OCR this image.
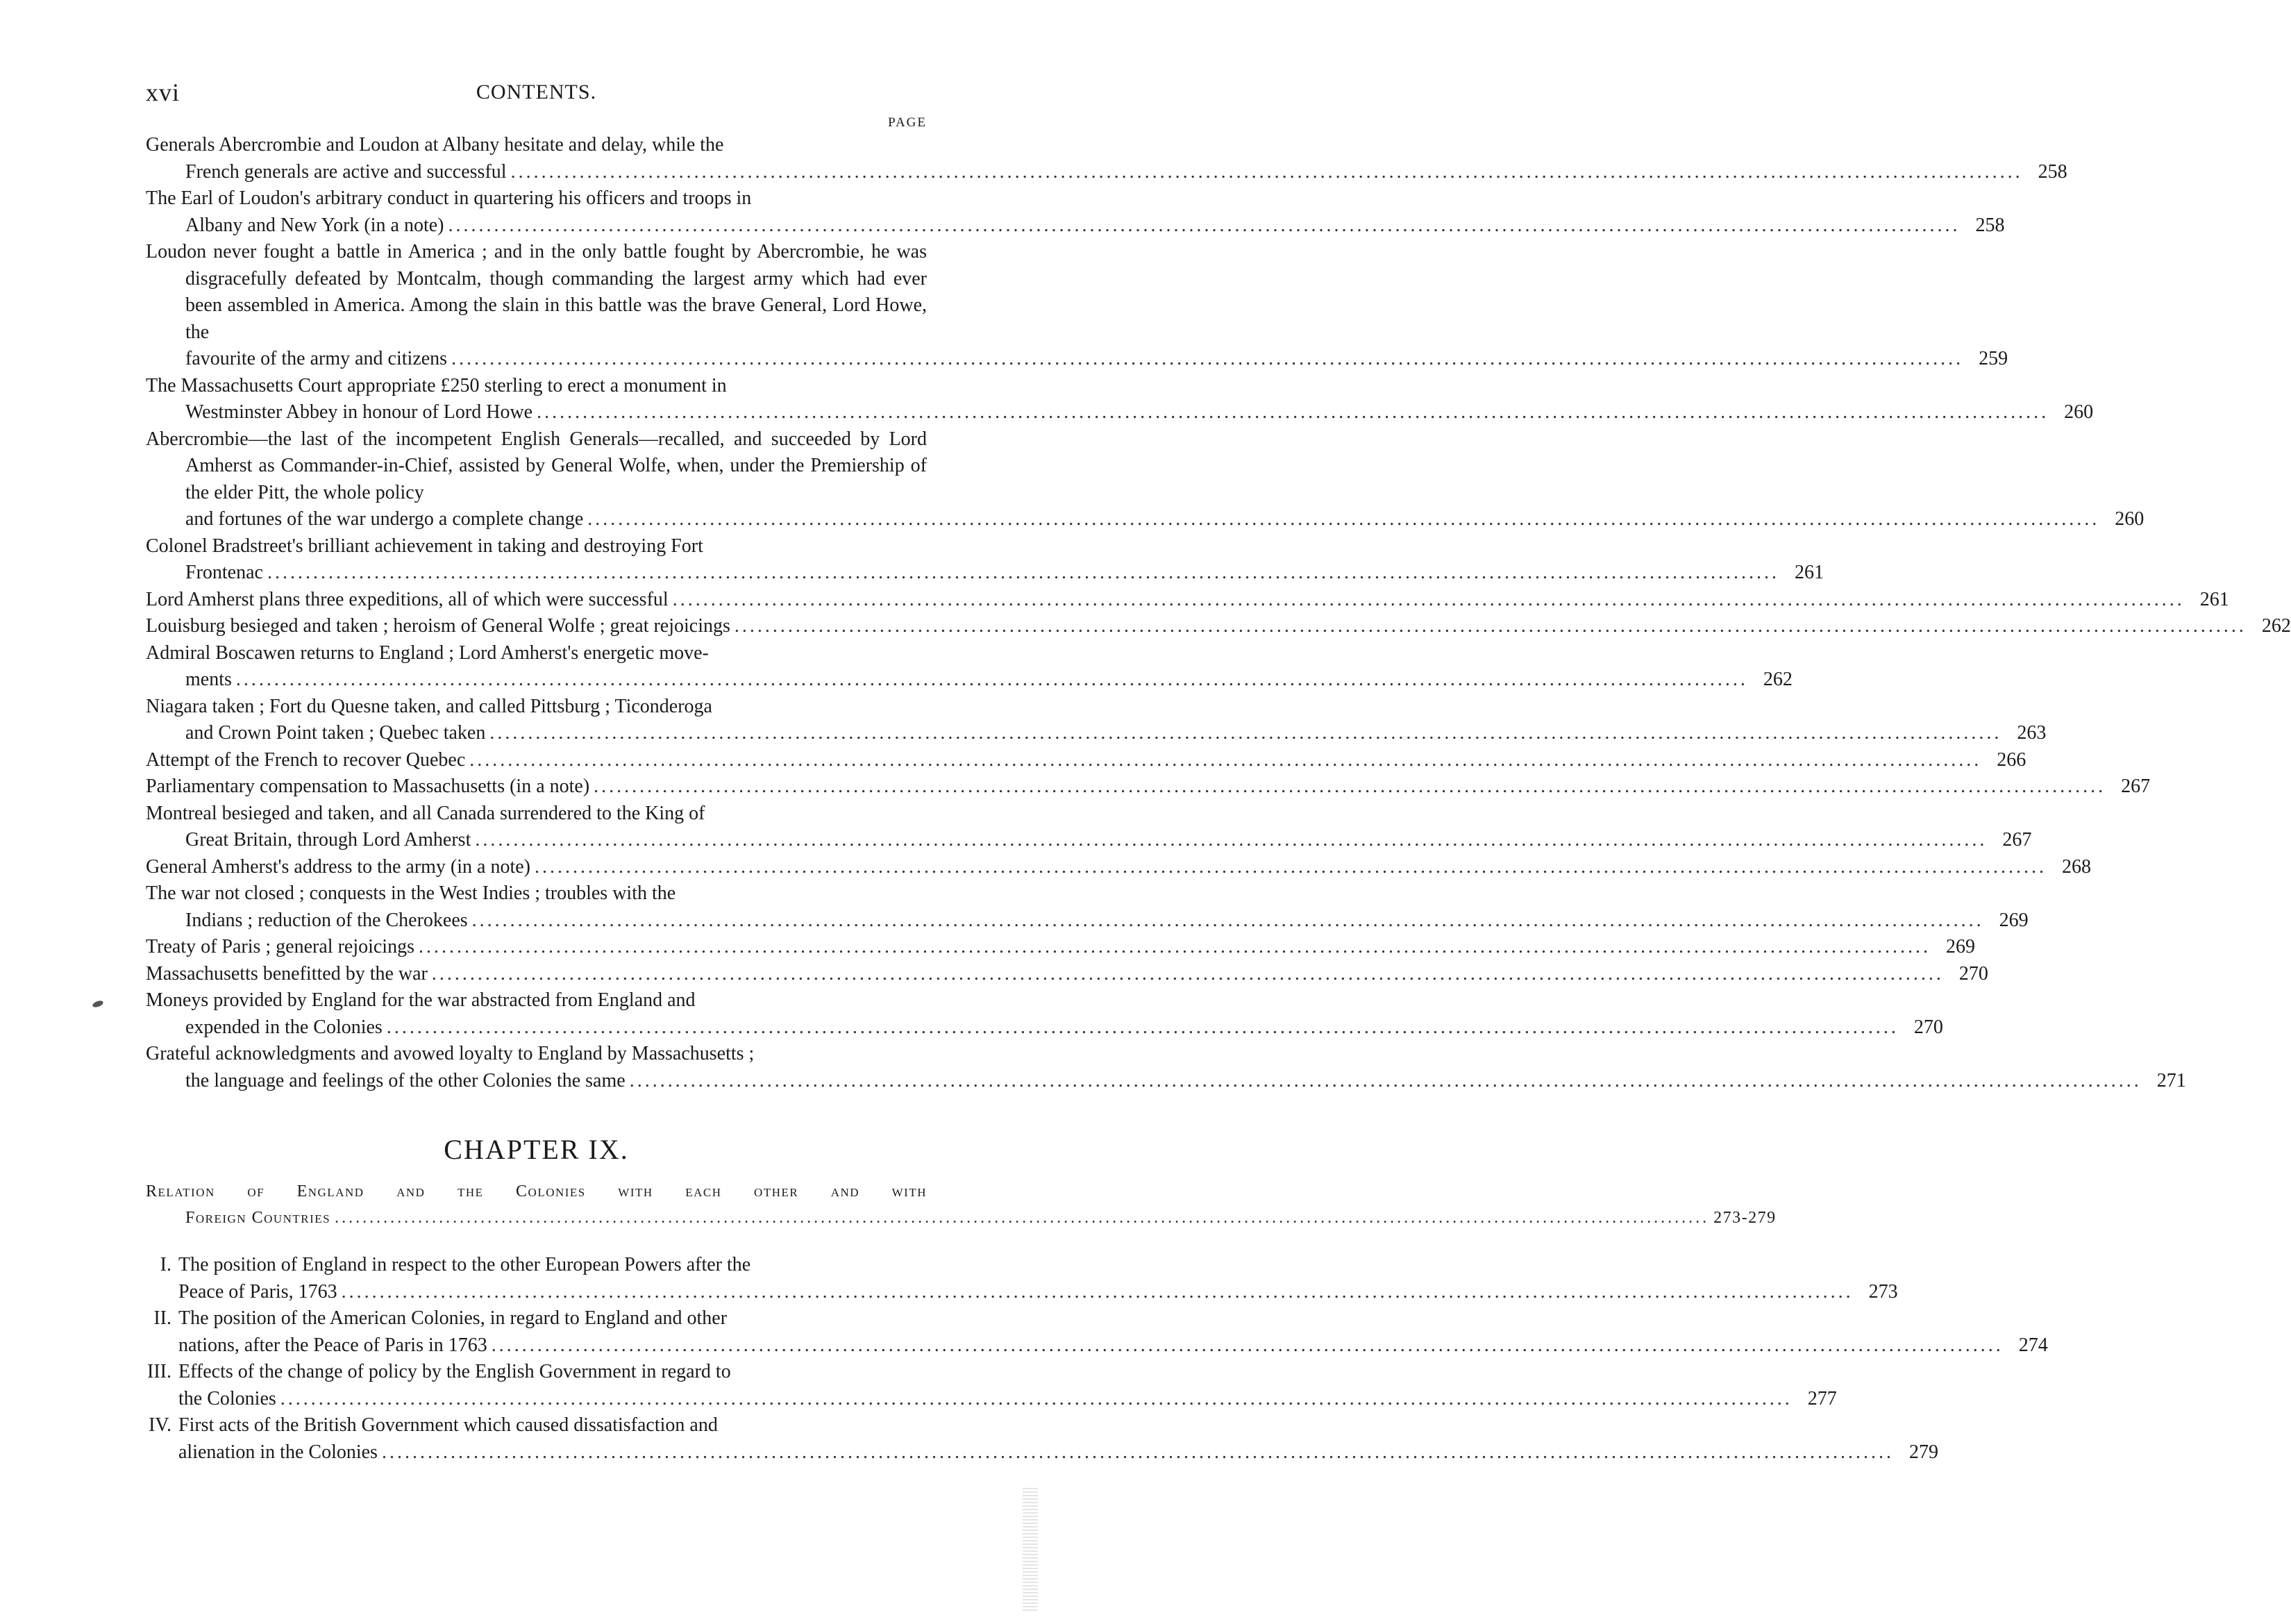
xvi	CONTENTS.
PAGE
Generals Abercrombie and Loudon at Albany hesitate and delay, while the
French generals are active and successful .....	258
The Earl of Loudon's arbitrary conduct in quartering his officers and troops in
Albany and New York (in a note) .....	258
Loudon never fought a battle in America ; and in the only battle fought by Abercrombie, he was disgracefully defeated by Montcalm, though commanding the largest army which had ever been assembled in America. Among the slain in this battle was the brave General, Lord Howe, the
favourite of the army and citizens .....	259
The Massachusetts Court appropriate £250 sterling to erect a monument in
Westminster Abbey in honour of Lord Howe .....	260
Abercrombie—the last of the incompetent English Generals—recalled, and succeeded by Lord Amherst as Commander-in-Chief, assisted by General Wolfe, when, under the Premiership of the elder Pitt, the whole policy
and fortunes of the war undergo a complete change .....	260
Colonel Bradstreet's brilliant achievement in taking and destroying Fort
Frontenac .....	261
Lord Amherst plans three expeditions, all of which were successful .....	261
Louisburg besieged and taken ; heroism of General Wolfe ; great rejoicings .....	262
Admiral Boscawen returns to England ; Lord Amherst's energetic move-
ments .....	262
Niagara taken ; Fort du Quesne taken, and called Pittsburg ; Ticonderoga
and Crown Point taken ; Quebec taken .....	263
Attempt of the French to recover Quebec .....	266
Parliamentary compensation to Massachusetts (in a note) .....	267
Montreal besieged and taken, and all Canada surrendered to the King of
Great Britain, through Lord Amherst .....	267
General Amherst's address to the army (in a note) .....	268
The war not closed ; conquests in the West Indies ; troubles with the
Indians ; reduction of the Cherokees .....	269
Treaty of Paris ; general rejoicings .....	269
Massachusetts benefitted by the war .....	270
Moneys provided by England for the war abstracted from England and
expended in the Colonies .....	270
Grateful acknowledgments and avowed loyalty to England by Massachusetts ;
the language and feelings of the other Colonies the same .....	271
CHAPTER IX.
Relation of England and the Colonies with each other and with
Foreign Countries .....	273-279
I. The position of England in respect to the other European Powers after the
Peace of Paris, 1763 .....	273
II. The position of the American Colonies, in regard to England and other
nations, after the Peace of Paris in 1763 .....	274
III. Effects of the change of policy by the English Government in regard to
the Colonies .....	277
IV. First acts of the British Government which caused dissatisfaction and
alienation in the Colonies .....	279
